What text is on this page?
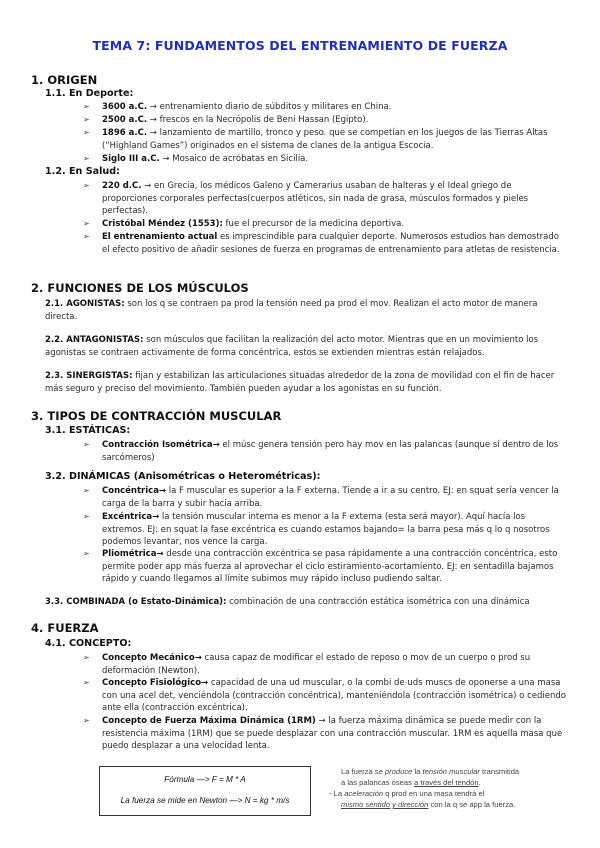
TEMA 7: FUNDAMENTOS DEL ENTRENAMIENTO DE FUERZA
1. ORIGEN
1.1. En Deporte:
➢ 3600 a.C. → entrenamiento diario de súbditos y militares en China.
➢ 2500 a.C. → frescos en la Necrópolis de Beni Hassan (Egipto).
➢ 1896 a.C. → lanzamiento de martillo, tronco y peso. que se competían en los juegos de las Tierras Altas (“Highland Games”) originados en el sistema de clanes de la antigua Escocia.
➢ Siglo III a.C. → Mosaico de acróbatas en Sicilia.
1.2. En Salud:
➢ 220 d.C. → en Grecia, los médicos Galeno y Camerarius usaban de halteras y el Ideal griego de proporciones corporales perfectas(cuerpos atléticos, sin nada de grasa, músculos formados y pieles perfectas).
➢ Cristóbal Méndez (1553): fue el precursor de la medicina deportiva.
➢ El entrenamiento actual es imprescindible para cualquier deporte. Numerosos estudios han demostrado el efecto positivo de añadir sesiones de fuerza en programas de entrenamiento para atletas de resistencia.
2. FUNCIONES DE LOS MÚSCULOS
2.1. AGONISTAS: son los q se contraen pa prod la tensión need pa prod el mov. Realizan el acto motor de manera directa.
2.2. ANTAGONISTAS: son músculos que facilitan la realización del acto motor. Mientras que en un movimiento los agonistas se contraen activamente de forma concéntrica, estos se extienden mientras están relajados.
2.3. SINERGISTAS: fijan y estabilizan las articulaciones situadas alrededor de la zona de movilidad con el fin de hacer más seguro y preciso del movimiento. También pueden ayudar a los agonistas en su función.
3. TIPOS DE CONTRACCIÓN MUSCULAR
3.1. ESTÁTICAS:
➢ Contracción Isométrica→ el músc genera tensión pero hay mov en las palancas (aunque sí dentro de los sarcómeros)
3.2. DINÁMICAS (Anisométricas o Heterométricas):
➢ Concéntrica→ la F muscular es superior a la F externa. Tiende a ir a su centro. EJ: en squat sería vencer la carga de la barra y subir hacia arriba.
➢ Excéntrica→ la tensión muscular interna es menor a la F externa (esta será mayor). Aquí hacía los extremos. EJ: en squat la fase excéntrica es cuando estamos bajando= la barra pesa más q lo q nosotros podemos levantar, nos vence la carga.
➢ Pliométrica→ desde una contracción excéntrica se pasa rápidamente a una contracción concéntrica, esto permite poder app más fuerza al aprovechar el ciclo estiramiento-acortamiento. EJ: en sentadilla bajamos rápido y cuando llegamos al límite subimos muy rápido incluso pudiendo saltar.
3.3. COMBINADA (o Estato-Dinámica): combinación de una contracción estática isométrica con una dinámica
4. FUERZA
4.1. CONCEPTO:
➢ Concepto Mecánico→ causa capaz de modificar el estado de reposo o mov de un cuerpo o prod su deformación (Newton).
➢ Concepto Fisiológico→ capacidad de una ud muscular, o la combi de uds muscs de oponerse a una masa con una acel det, venciéndola (contracción concéntrica), manteniéndola (contracción isométrica) o cediendo ante ella (contracción excéntrica).
➢ Concepto de Fuerza Máxima Dinámica (1RM) → la fuerza máxima dinámica se puede medir con la resistencia máxima (1RM) que se puede desplazar con una contracción muscular. 1RM es aquella masa que puedo desplazar a una velocidad lenta.
Fórmula —> F = M * A
La fuerza se mide en Newton —> N = kg * m/s
La fuerza se produce la tensión muscular transmitida
a las palancas óseas a través del tendón.
- La aceleración q prod en una masa tendrá el
mismo sentido y dirección con la q se app la fuerza.
